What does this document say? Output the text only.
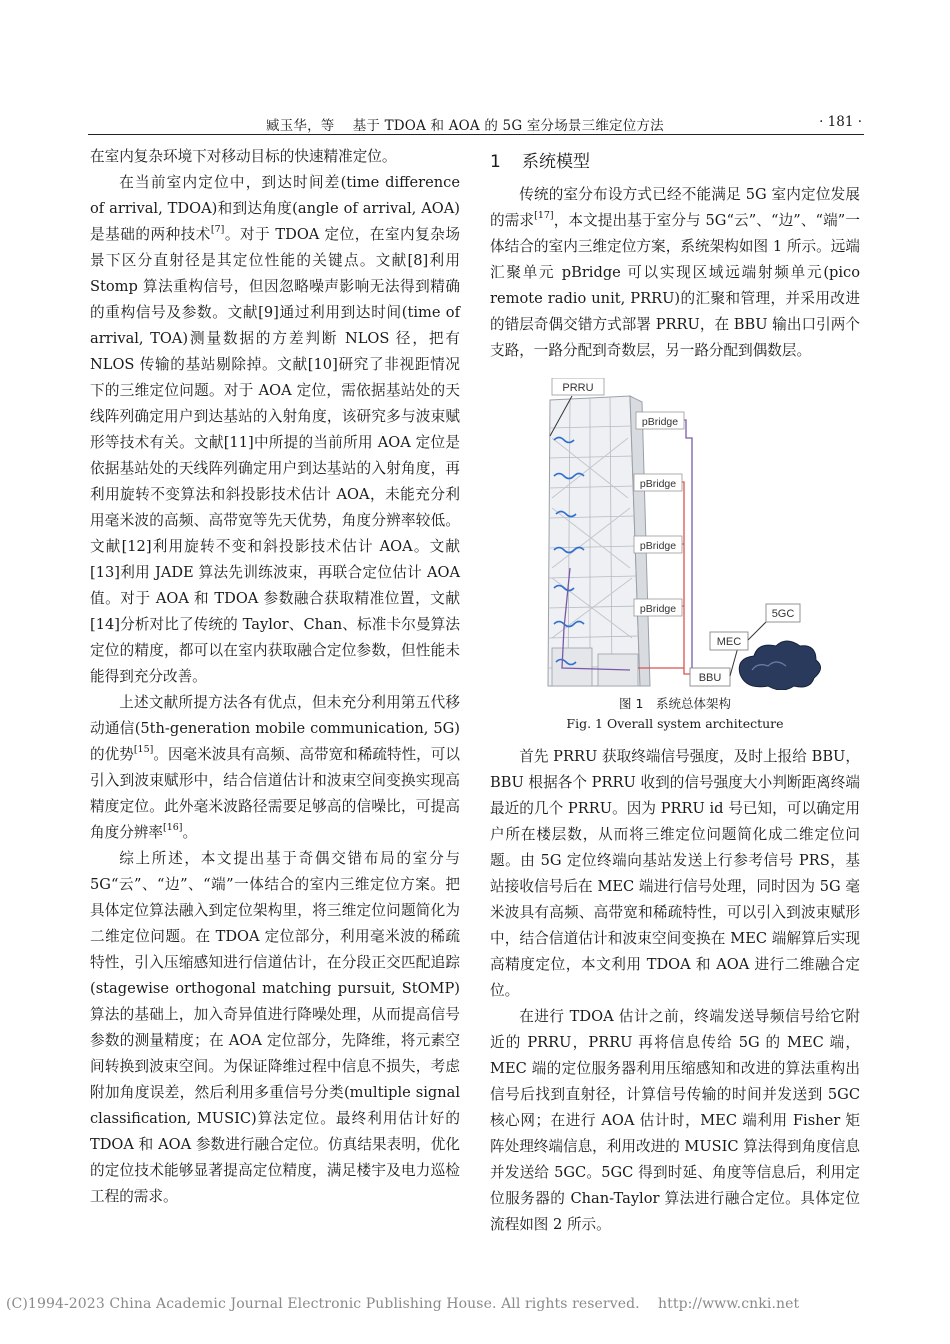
臧玉华，等　 基于 TDOA 和 AOA 的 5G 室分场景三维定位方法	· 181 ·

在室内复杂环境下对移动目标的快速精准定位。

在当前室内定位中，到达时间差(time difference of arrival, TDOA)和到达角度(angle of arrival, AOA)是基础的两种技术[7]。对于 TDOA 定位，在室内复杂场景下区分直射径是其定位性能的关键点。文献[8]利用 Stomp 算法重构信号，但因忽略噪声影响无法得到精确的重构信号及参数。文献[9]通过利用到达时间(time of arrival, TOA)测量数据的方差判断 NLOS 径，把有 NLOS 传输的基站剔除掉。文献[10]研究了非视距情况下的三维定位问题。对于 AOA 定位，需依据基站处的天线阵列确定用户到达基站的入射角度，该研究多与波束赋形等技术有关。文献[11]中所提的当前所用 AOA 定位是依据基站处的天线阵列确定用户到达基站的入射角度，再利用旋转不变算法和斜投影技术估计 AOA，未能充分利用毫米波的高频、高带宽等先天优势，角度分辨率较低。文献[12]利用旋转不变和斜投影技术估计 AOA。文献[13]利用 JADE 算法先训练波束，再联合定位估计 AOA 值。对于 AOA 和 TDOA 参数融合获取精准位置，文献[14]分析对比了传统的 Taylor、Chan、标准卡尔曼算法定位的精度，都可以在室内获取融合定位参数，但性能未能得到充分改善。

上述文献所提方法各有优点，但未充分利用第五代移动通信(5th-generation mobile communication, 5G)的优势[15]。因毫米波具有高频、高带宽和稀疏特性，可以引入到波束赋形中，结合信道估计和波束空间变换实现高精度定位。此外毫米波路径需要足够高的信噪比，可提高角度分辨率[16]。

综上所述，本文提出基于奇偶交错布局的室分与 5G“云”、“边”、“端”一体结合的室内三维定位方案。把具体定位算法融入到定位架构里，将三维定位问题简化为二维定位问题。在 TDOA 定位部分，利用毫米波的稀疏特性，引入压缩感知进行信道估计，在分段正交匹配追踪(stagewise orthogonal matching pursuit, StOMP)算法的基础上，加入奇异值进行降噪处理，从而提高信号参数的测量精度；在 AOA 定位部分，先降维，将元素空间转换到波束空间。为保证降维过程中信息不损失，考虑附加角度误差，然后利用多重信号分类(multiple signal classification, MUSIC)算法定位。最终利用估计好的 TDOA 和 AOA 参数进行融合定位。仿真结果表明，优化的定位技术能够显著提高定位精度，满足楼宇及电力巡检工程的需求。

1 系统模型

传统的室分布设方式已经不能满足 5G 室内定位发展的需求[17]，本文提出基于室分与 5G“云”、“边”、“端”一体结合的室内三维定位方案，系统架构如图 1 所示。远端汇聚单元 pBridge 可以实现区域远端射频单元(pico remote radio unit, PRRU)的汇聚和管理，并采用改进的错层奇偶交错方式部署 PRRU，在 BBU 输出口引两个支路，一路分配到奇数层，另一路分配到偶数层。

PRRU
pBridge
pBridge
pBridge
pBridge
BBU
MEC
5GC
图 1　系统总体架构
Fig. 1 Overall system architecture

首先 PRRU 获取终端信号强度，及时上报给 BBU，BBU 根据各个 PRRU 收到的信号强度大小判断距离终端最近的几个 PRRU。因为 PRRU id 号已知，可以确定用户所在楼层数，从而将三维定位问题简化成二维定位问题。由 5G 定位终端向基站发送上行参考信号 PRS，基站接收信号后在 MEC 端进行信号处理，同时因为 5G 毫米波具有高频、高带宽和稀疏特性，可以引入到波束赋形中，结合信道估计和波束空间变换在 MEC 端解算后实现高精度定位，本文利用 TDOA 和 AOA 进行二维融合定位。

在进行 TDOA 估计之前，终端发送导频信号给它附近的 PRRU，PRRU 再将信息传给 5G 的 MEC 端，MEC 端的定位服务器利用压缩感知和改进的算法重构出信号后找到直射径，计算信号传输的时间并发送到 5GC 核心网；在进行 AOA 估计时，MEC 端利用 Fisher 矩阵处理终端信息，利用改进的 MUSIC 算法得到角度信息并发送给 5GC。5GC 得到时延、角度等信息后，利用定位服务器的 Chan-Taylor 算法进行融合定位。具体定位流程如图 2 所示。

(C)1994-2023 China Academic Journal Electronic Publishing House. All rights reserved. http://www.cnki.net
